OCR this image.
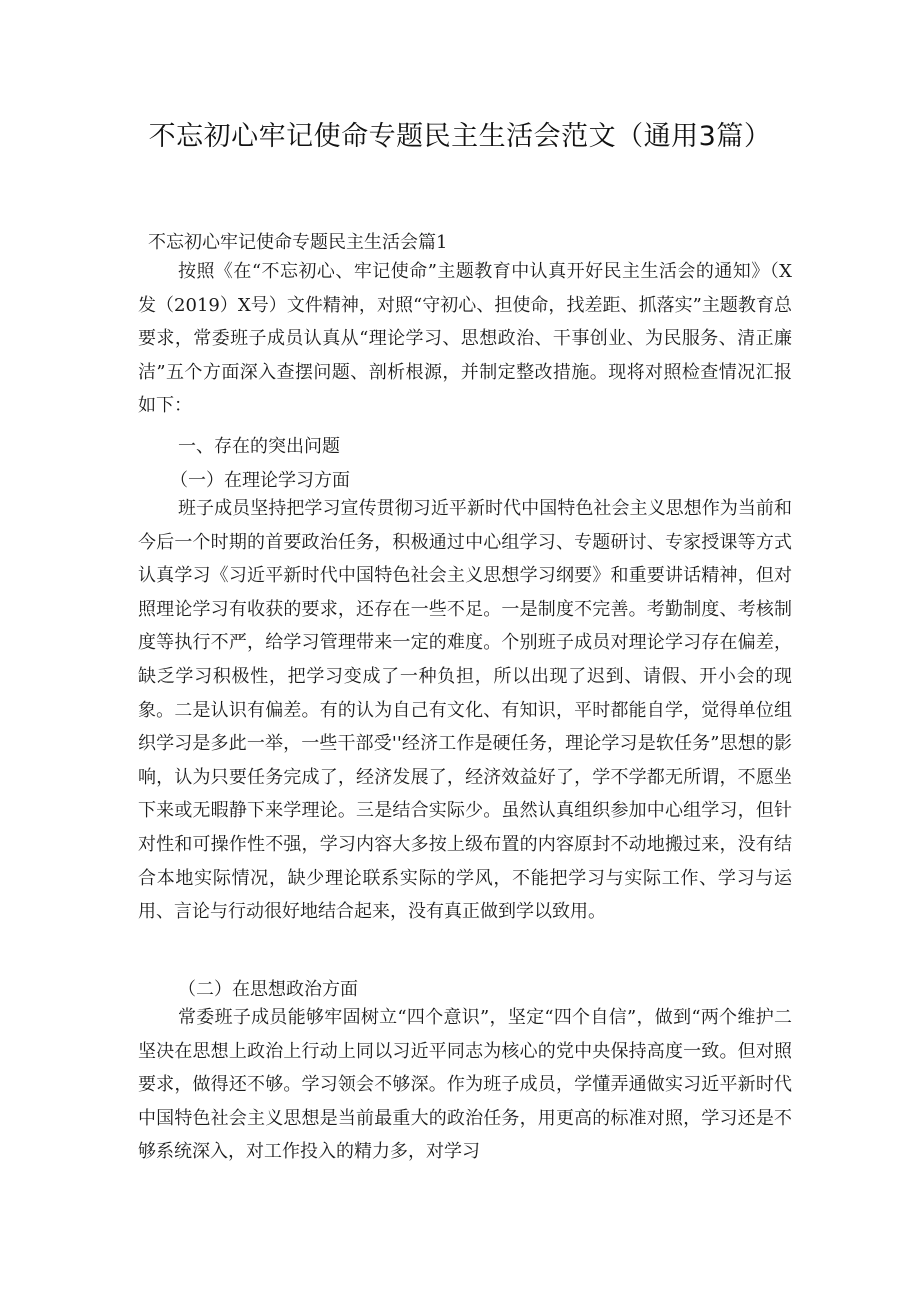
不忘初心牢记使命专题民主生活会范文（通用3篇）
不忘初心牢记使命专题民主生活会篇1

按照《在“不忘初心、牢记使命”主题教育中认真开好民主生活会的通知》（X发（2019）X号）文件精神，对照“守初心、担使命，找差距、抓落实”主题教育总要求，常委班子成员认真从“理论学习、思想政治、干事创业、为民服务、清正廉洁”五个方面深入查摆问题、剖析根源，并制定整改措施。现将对照检查情况汇报如下：

一、存在的突出问题
（一）在理论学习方面

班子成员坚持把学习宣传贯彻习近平新时代中国特色社会主义思想作为当前和今后一个时期的首要政治任务，积极通过中心组学习、专题研讨、专家授课等方式认真学习《习近平新时代中国特色社会主义思想学习纲要》和重要讲话精神，但对照理论学习有收获的要求，还存在一些不足。一是制度不完善。考勤制度、考核制度等执行不严，给学习管理带来一定的难度。个别班子成员对理论学习存在偏差，缺乏学习积极性，把学习变成了一种负担，所以出现了迟到、请假、开小会的现象。二是认识有偏差。有的认为自己有文化、有知识，平时都能自学，觉得单位组织学习是多此一举，一些干部受''经济工作是硬任务，理论学习是软任务”思想的影响，认为只要任务完成了，经济发展了，经济效益好了，学不学都无所谓，不愿坐下来或无暇静下来学理论。三是结合实际少。虽然认真组织参加中心组学习，但针对性和可操作性不强，学习内容大多按上级布置的内容原封不动地搬过来，没有结合本地实际情况，缺少理论联系实际的学风，不能把学习与实际工作、学习与运用、言论与行动很好地结合起来，没有真正做到学以致用。

（二）在思想政治方面

常委班子成员能够牢固树立“四个意识”，坚定“四个自信”，做到“两个维护二坚决在思想上政治上行动上同以习近平同志为核心的党中央保持高度一致。但对照要求，做得还不够。学习领会不够深。作为班子成员，学懂弄通做实习近平新时代中国特色社会主义思想是当前最重大的政治任务，用更高的标准对照，学习还是不够系统深入，对工作投入的精力多，对学习
